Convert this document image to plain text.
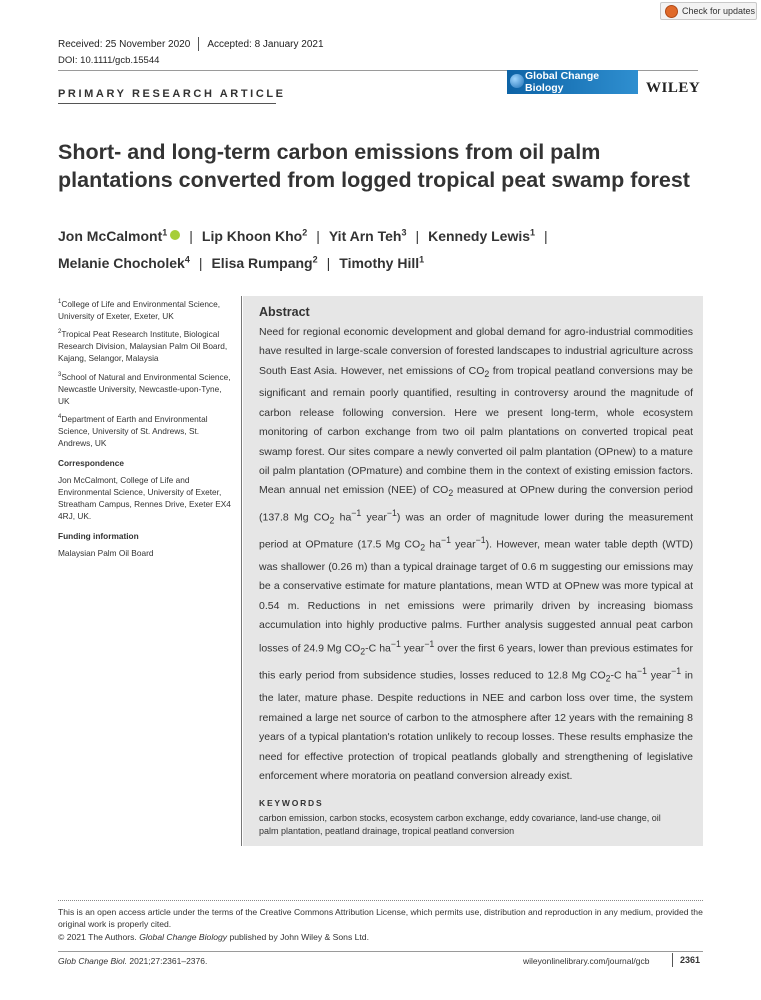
Check for updates
Received: 25 November 2020 Accepted: 8 January 2021
DOI: 10.1111/gcb.15544
Global Change Biology	WILEY
PRIMARY RESEARCH ARTICLE
Short- and long-term carbon emissions from oil palm plantations converted from logged tropical peat swamp forest
Jon McCalmont$^1$ | Lip Khoon Kho$^2$ | Yit Arn Teh$^3$ | Kennedy Lewis$^1$ |
Melanie Chocholek$^4$ | Elisa Rumpang$^2$ | Timothy Hill$^1$

$^1$College of Life and Environmental Science, University of Exeter, Exeter, UK

$^2$Tropical Peat Research Institute, Biological Research Division, Malaysian Palm Oil Board, Kajang, Selangor, Malaysia

$^3$School of Natural and Environmental Science, Newcastle University, Newcastle-upon-Tyne, UK

$^4$Department of Earth and Environmental Science, University of St. Andrews, St. Andrews, UK

Correspondence

Jon McCalmont, College of Life and Environmental Science, University of Exeter, Streatham Campus, Rennes Drive, Exeter EX4 4RJ, UK.

Funding information

Malaysian Palm Oil Board

Abstract

Need for regional economic development and global demand for agro-industrial commodities have resulted in large-scale conversion of forested landscapes to industrial agriculture across South East Asia. However, net emissions of $CO_2$ from tropical peatland conversions may be significant and remain poorly quantified, resulting in controversy around the magnitude of carbon release following conversion. Here we present long-term, whole ecosystem monitoring of carbon exchange from two oil palm plantations on converted tropical peat swamp forest. Our sites compare a newly converted oil palm plantation (OPnew) to a mature oil palm plantation (OPmature) and combine them in the context of existing emission factors. Mean annual net emission (NEE) of $CO_2$ measured at OPnew during the conversion period (137.8 Mg $CO_2$ $ha^{-1}$ year$^{-1}$) was an order of magnitude lower during the measurement period at OPmature (17.5 Mg $CO_2$ $ha^{-1}$ year$^{-1}$). However, mean water table depth (WTD) was shallower (0.26 m) than a typical drainage target of 0.6 m suggesting our emissions may be a conservative estimate for mature plantations, mean WTD at OPnew was more typical at 0.54 m. Reductions in net emissions were primarily driven by increasing biomass accumulation into highly productive palms. Further analysis suggested annual peat carbon losses of 24.9 Mg $CO_2-C$ $ha^{-1}$ year$^{-1}$ over the first 6 years, lower than previous estimates for this early period from subsidence studies, losses reduced to 12.8 Mg $CO_2-C$ $ha^{-1}$ year$^{-1}$ in the later, mature phase. Despite reductions in NEE and carbon loss over time, the system remained a large net source of carbon to the atmosphere after 12 years with the remaining 8 years of a typical plantation's rotation unlikely to recoup losses. These results emphasize the need for effective protection of tropical peatlands globally and strengthening of legislative enforcement where moratoria on peatland conversion already exist.

KEYWORDS
carbon emission, carbon stocks, ecosystem carbon exchange, eddy covariance, land-use change, oil palm plantation, peatland drainage, tropical peatland conversion

This is an open access article under the terms of the Creative Commons Attribution License, which permits use, distribution and reproduction in any medium, provided the original work is properly cited.

© 2021 The Authors. Global Change Biology published by John Wiley & Sons Ltd.

Glob Change Biol. 2021;27:2361–2376.	wileyonlinelibrary.com/journal/gcb	2361
